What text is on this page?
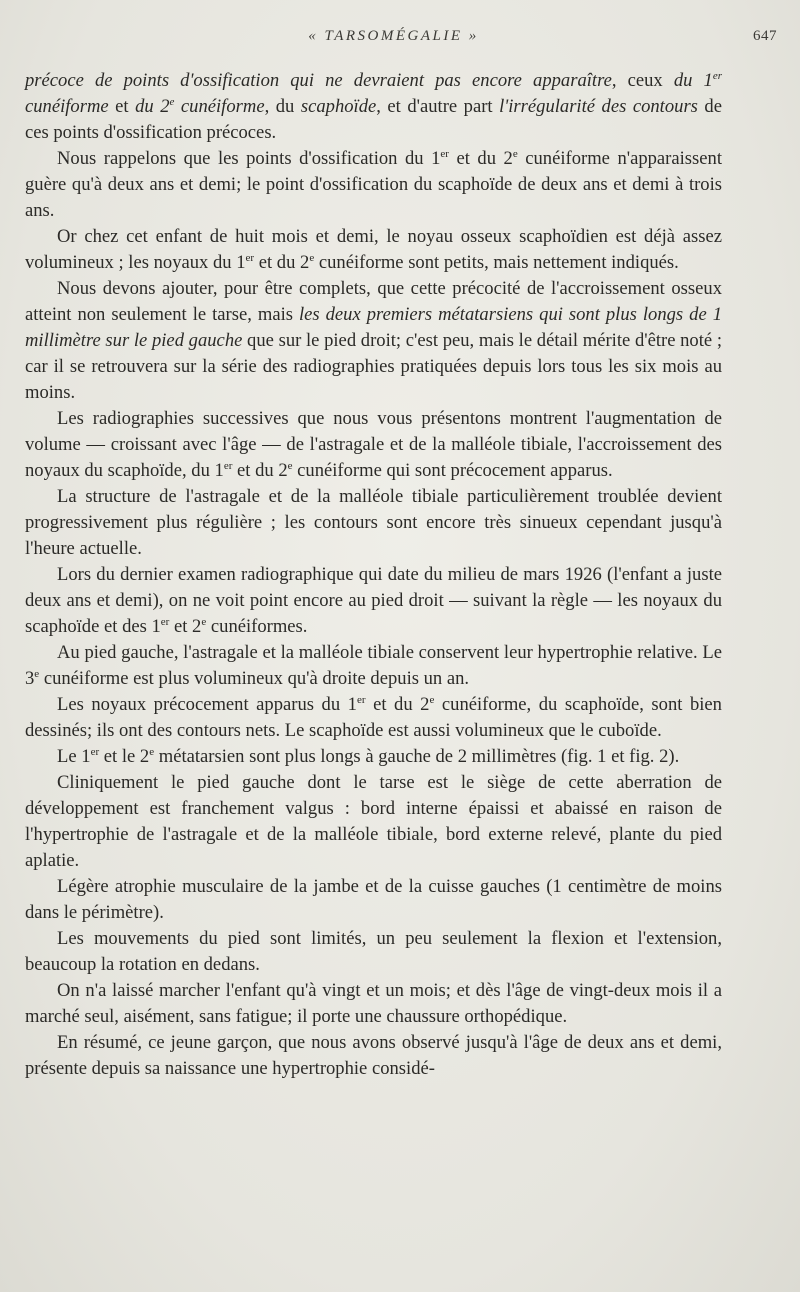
« TARSOMÉGALIE »	647

précoce de points d'ossification qui ne devraient pas encore apparaître, ceux du 1er cunéiforme et du 2e cunéiforme, du scaphoïde, et d'autre part l'irrégularité des contours de ces points d'ossification précoces.

Nous rappelons que les points d'ossification du 1er et du 2e cunéiforme n'apparaissent guère qu'à deux ans et demi; le point d'ossification du scaphoïde de deux ans et demi à trois ans.

Or chez cet enfant de huit mois et demi, le noyau osseux scaphoïdien est déjà assez volumineux ; les noyaux du 1er et du 2e cunéiforme sont petits, mais nettement indiqués.

Nous devons ajouter, pour être complets, que cette précocité de l'accroissement osseux atteint non seulement le tarse, mais les deux premiers métatarsiens qui sont plus longs de 1 millimètre sur le pied gauche que sur le pied droit; c'est peu, mais le détail mérite d'être noté ; car il se retrouvera sur la série des radiographies pratiquées depuis lors tous les six mois au moins.

Les radiographies successives que nous vous présentons montrent l'augmentation de volume — croissant avec l'âge — de l'astragale et de la malléole tibiale, l'accroissement des noyaux du scaphoïde, du 1er et du 2e cunéiforme qui sont précocement apparus.

La structure de l'astragale et de la malléole tibiale particulièrement troublée devient progressivement plus régulière ; les contours sont encore très sinueux cependant jusqu'à l'heure actuelle.

Lors du dernier examen radiographique qui date du milieu de mars 1926 (l'enfant a juste deux ans et demi), on ne voit point encore au pied droit — suivant la règle — les noyaux du scaphoïde et des 1er et 2e cunéiformes.

Au pied gauche, l'astragale et la malléole tibiale conservent leur hypertrophie relative. Le 3e cunéiforme est plus volumineux qu'à droite depuis un an.

Les noyaux précocement apparus du 1er et du 2e cunéiforme, du scaphoïde, sont bien dessinés; ils ont des contours nets. Le scaphoïde est aussi volumineux que le cuboïde.

Le 1er et le 2e métatarsien sont plus longs à gauche de 2 millimètres (fig. 1 et fig. 2).

Cliniquement le pied gauche dont le tarse est le siège de cette aberration de développement est franchement valgus : bord interne épaissi et abaissé en raison de l'hypertrophie de l'astragale et de la malléole tibiale, bord externe relevé, plante du pied aplatie.

Légère atrophie musculaire de la jambe et de la cuisse gauches (1 centimètre de moins dans le périmètre).

Les mouvements du pied sont limités, un peu seulement la flexion et l'extension, beaucoup la rotation en dedans.

On n'a laissé marcher l'enfant qu'à vingt et un mois; et dès l'âge de vingt-deux mois il a marché seul, aisément, sans fatigue; il porte une chaussure orthopédique.

En résumé, ce jeune garçon, que nous avons observé jusqu'à l'âge de deux ans et demi, présente depuis sa naissance une hypertrophie considé-
